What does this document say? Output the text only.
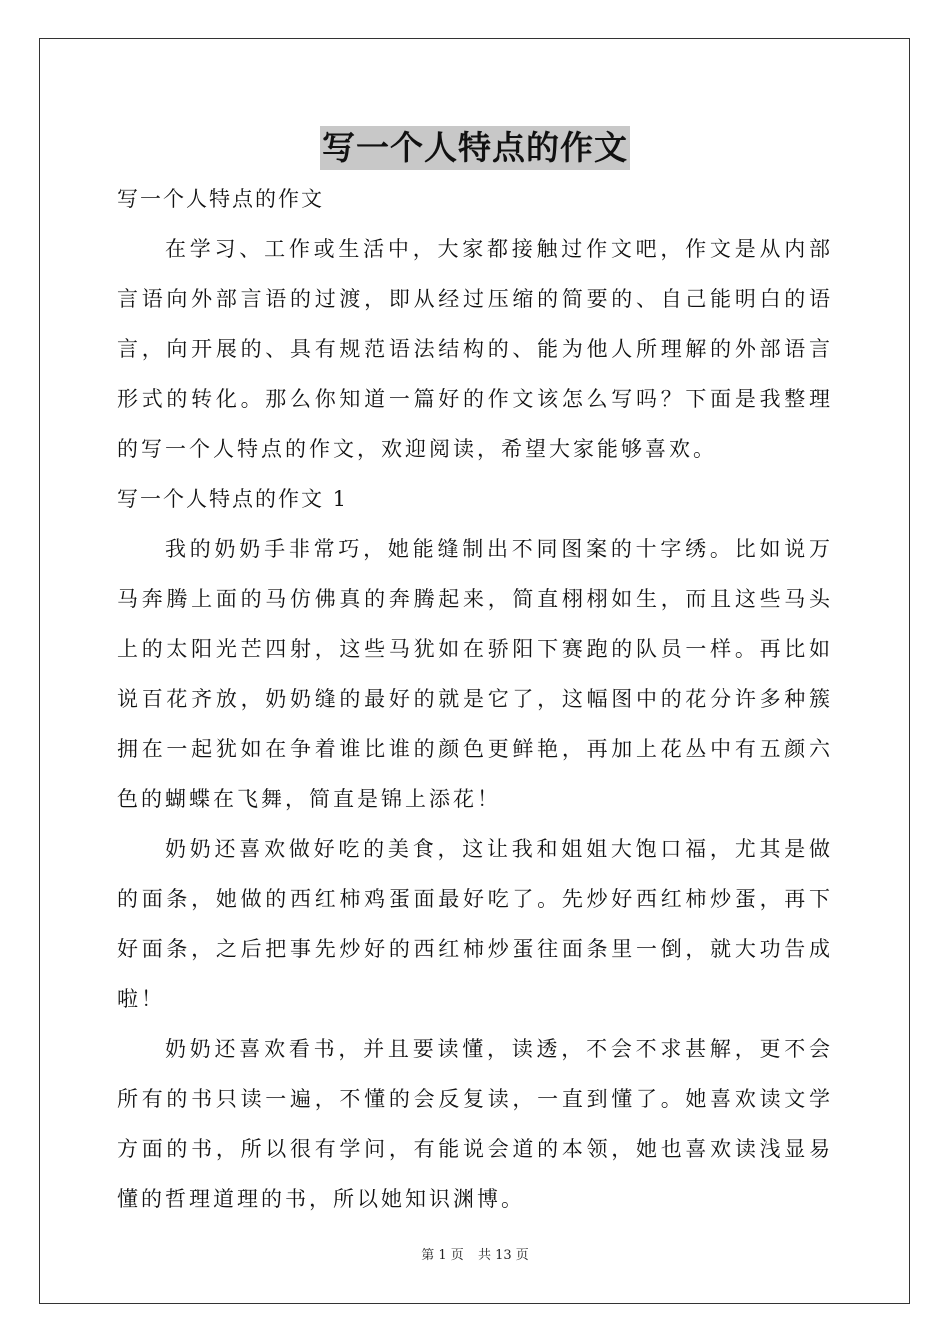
写一个人特点的作文

写一个人特点的作文

在学习、工作或生活中，大家都接触过作文吧，作文是从内部言语向外部言语的过渡，即从经过压缩的简要的、自己能明白的语言，向开展的、具有规范语法结构的、能为他人所理解的外部语言形式的转化。那么你知道一篇好的作文该怎么写吗？下面是我整理的写一个人特点的作文，欢迎阅读，希望大家能够喜欢。

写一个人特点的作文 1

我的奶奶手非常巧，她能缝制出不同图案的十字绣。比如说万马奔腾上面的马仿佛真的奔腾起来，简直栩栩如生，而且这些马头上的太阳光芒四射，这些马犹如在骄阳下赛跑的队员一样。再比如说百花齐放，奶奶缝的最好的就是它了，这幅图中的花分许多种簇拥在一起犹如在争着谁比谁的颜色更鲜艳，再加上花丛中有五颜六色的蝴蝶在飞舞，简直是锦上添花！

奶奶还喜欢做好吃的美食，这让我和姐姐大饱口福，尤其是做的面条，她做的西红柿鸡蛋面最好吃了。先炒好西红柿炒蛋，再下好面条，之后把事先炒好的西红柿炒蛋往面条里一倒，就大功告成啦！

奶奶还喜欢看书，并且要读懂，读透，不会不求甚解，更不会所有的书只读一遍，不懂的会反复读，一直到懂了。她喜欢读文学方面的书，所以很有学问，有能说会道的本领，她也喜欢读浅显易懂的哲理道理的书，所以她知识渊博。

第 1 页 共 13 页
